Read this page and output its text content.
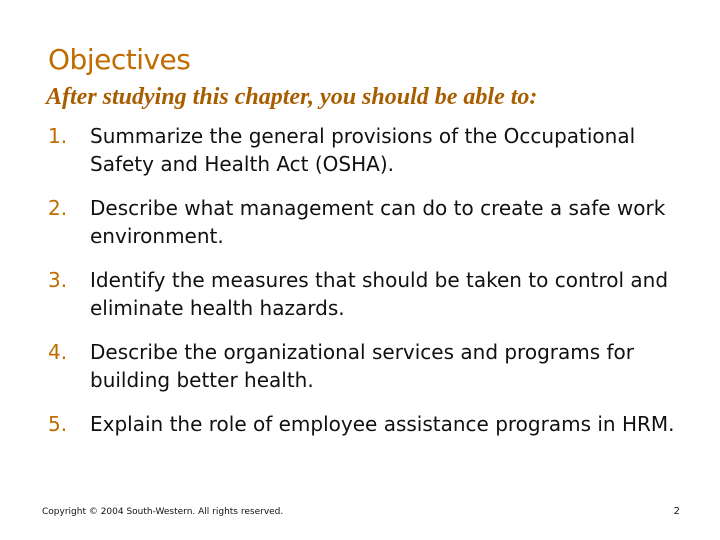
Objectives
After studying this chapter, you should be able to:
1. Summarize the general provisions of the Occupational Safety and Health Act (OSHA).
2. Describe what management can do to create a safe work environment.
3. Identify the measures that should be taken to control and eliminate health hazards.
4. Describe the organizational services and programs for building better health.
5. Explain the role of employee assistance programs in HRM.
Copyright © 2004 South-Western. All rights reserved.	2
